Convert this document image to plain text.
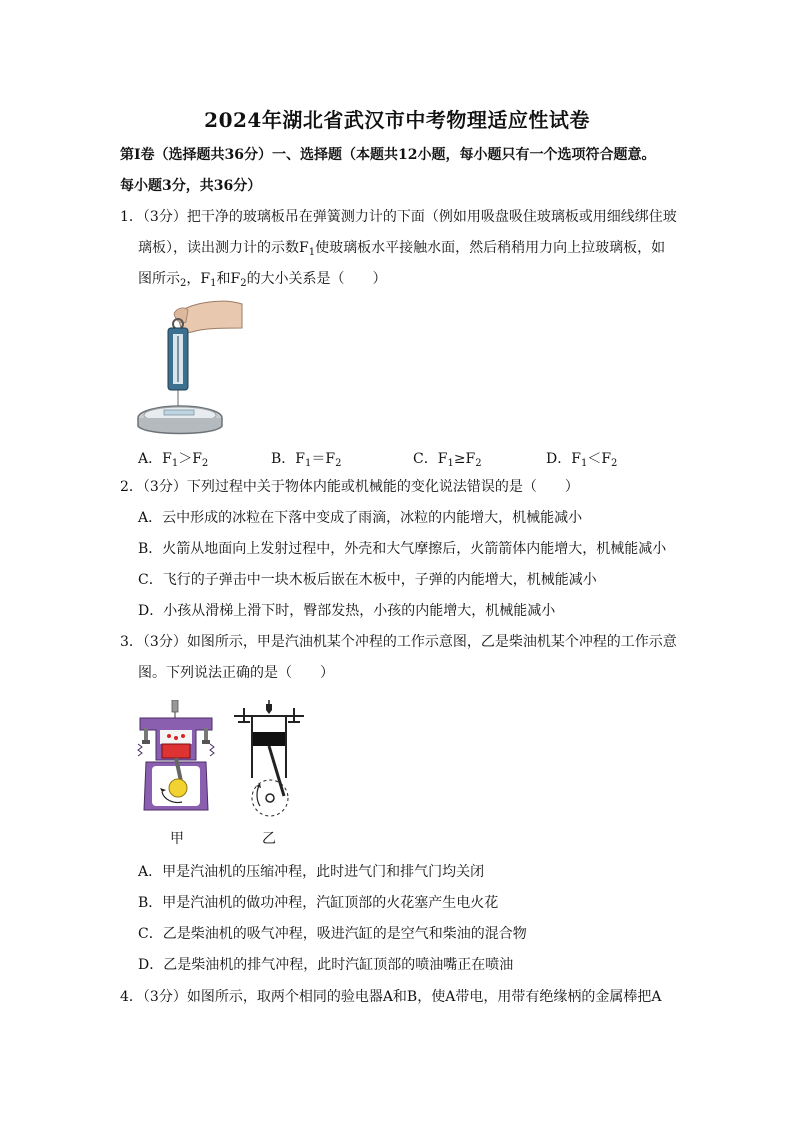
2024年湖北省武汉市中考物理适应性试卷
第Ⅰ卷（选择题共36分）一、选择题（本题共12小题，每小题只有一个选项符合题意。
每小题3分，共36分）
1．（3分）把干净的玻璃板吊在弹簧测力计的下面（例如用吸盘吸住玻璃板或用细线绑住玻
璃板），读出测力计的示数$F_1$使玻璃板水平接触水面，然后稍稍用力向上拉玻璃板，如
图所示$_2$，$F_1$和$F_2$的大小关系是（　　）
A．$F_1>F_2$	B．$F_1=F_2$	C．$F_1\ge F_2$	D．$F_1<F_2$
2．（3分）下列过程中关于物体内能或机械能的变化说法错误的是（　　）
A．云中形成的冰粒在下落中变成了雨滴，冰粒的内能增大，机械能减小
B．火箭从地面向上发射过程中，外壳和大气摩擦后，火箭箭体内能增大，机械能减小
C．飞行的子弹击中一块木板后嵌在木板中，子弹的内能增大，机械能减小
D．小孩从滑梯上滑下时，臀部发热，小孩的内能增大，机械能减小
3．（3分）如图所示，甲是汽油机某个冲程的工作示意图，乙是柴油机某个冲程的工作示意
图。下列说法正确的是（　　）
甲	乙
A．甲是汽油机的压缩冲程，此时进气门和排气门均关闭
B．甲是汽油机的做功冲程，汽缸顶部的火花塞产生电火花
C．乙是柴油机的吸气冲程，吸进汽缸的是空气和柴油的混合物
D．乙是柴油机的排气冲程，此时汽缸顶部的喷油嘴正在喷油
4．（3分）如图所示，取两个相同的验电器A和B，使A带电，用带有绝缘柄的金属棒把A
